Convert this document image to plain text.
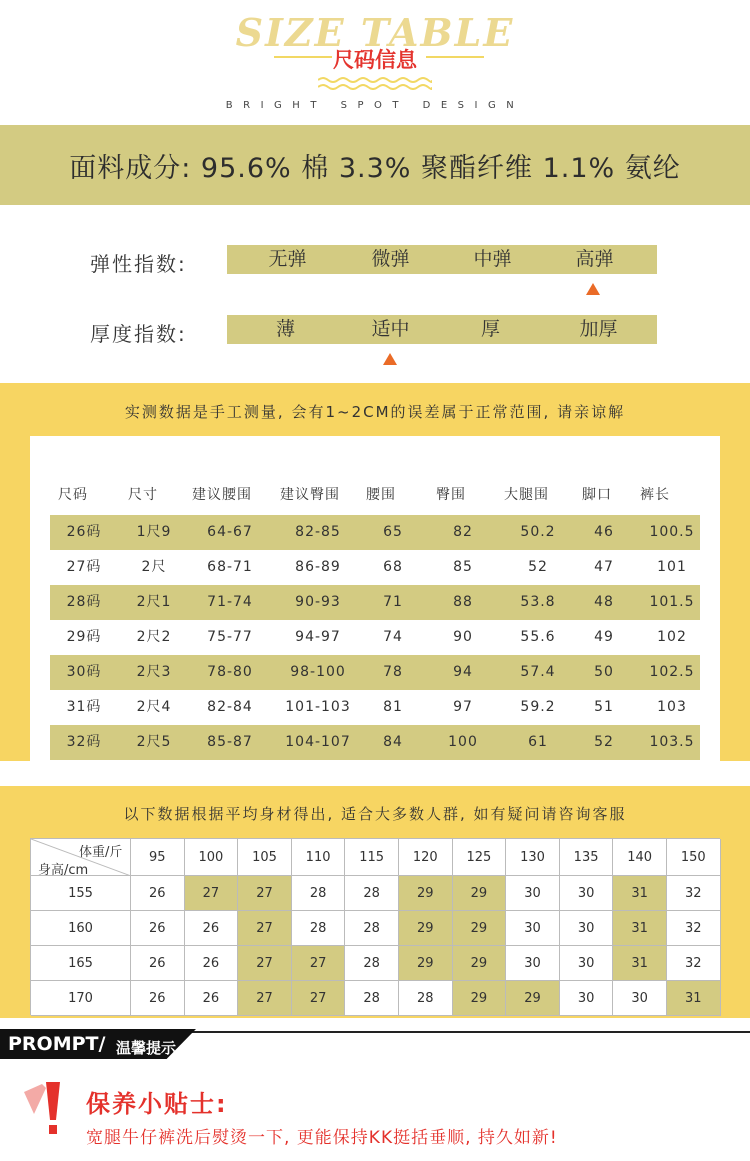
SIZE TABLE
尺码信息
BRIGHT SPOT DESIGN
面料成分: 95.6% 棉 3.3% 聚酯纤维 1.1% 氨纶
弹性指数:	无弹	微弹	中弹	高弹
厚度指数:	薄	适中	厚	加厚
实测数据是手工测量, 会有1~2CM的误差属于正常范围, 请亲谅解
尺码	尺寸	建议腰围	建议臀围	腰围	臀围	大腿围	脚口	裤长
26码	1尺9	64-67	82-85	65	82	50.2	46	100.5
27码	2尺	68-71	86-89	68	85	52	47	101
28码	2尺1	71-74	90-93	71	88	53.8	48	101.5
29码	2尺2	75-77	94-97	74	90	55.6	49	102
30码	2尺3	78-80	98-100	78	94	57.4	50	102.5
31码	2尺4	82-84	101-103	81	97	59.2	51	103
32码	2尺5	85-87	104-107	84	100	61	52	103.5
以下数据根据平均身材得出, 适合大多数人群, 如有疑问请咨询客服
体重/斤
身高/cm
95	100	105	110	115	120	125	130	135	140	150
155	26	27	27	28	28	29	29	30	30	31	32
160	26	26	27	28	28	29	29	30	30	31	32
165	26	26	27	27	28	29	29	30	30	31	32
170	26	26	27	27	28	28	29	29	30	30	31
PROMPT/ 温馨提示
保养小贴士:
宽腿牛仔裤洗后熨烫一下, 更能保持KK挺括垂顺, 持久如新!
